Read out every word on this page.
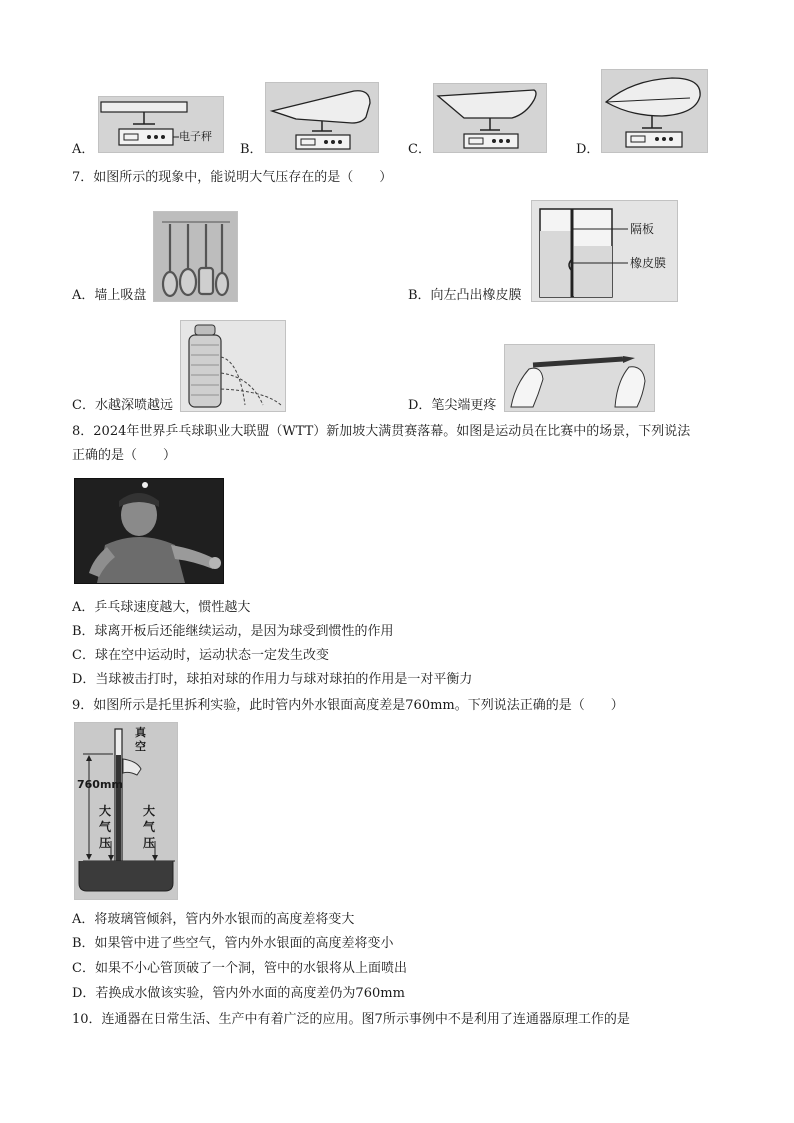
A．
电子秤
B．	C．	D．
7．如图所示的现象中，能说明大气压存在的是（　　）
A．墙上吸盘	B．向左凸出橡皮膜
隔板
橡皮膜
C．水越深喷越远	D．笔尖端更疼
8．2024年世界乒乓球职业大联盟（WTT）新加坡大满贯赛落幕。如图是运动员在比赛中的场景，下列说法
正确的是（　　）
A．乒乓球速度越大，惯性越大
B．球离开板后还能继续运动，是因为球受到惯性的作用
C．球在空中运动时，运动状态一定发生改变
D．当球被击打时，球拍对球的作用力与球对球拍的作用是一对平衡力
9．如图所示是托里拆利实验，此时管内外水银面高度差是760mm。下列说法正确的是（　　）
真
空
760mm
大
气
压
大
气
压
A．将玻璃管倾斜，管内外水银而的高度差将变大
B．如果管中进了些空气，管内外水银面的高度差将变小
C．如果不小心管顶破了一个洞，管中的水银将从上面喷出
D．若换成水做该实验，管内外水面的高度差仍为760mm
10．连通器在日常生活、生产中有着广泛的应用。图7所示事例中不是利用了连通器原理工作的是
